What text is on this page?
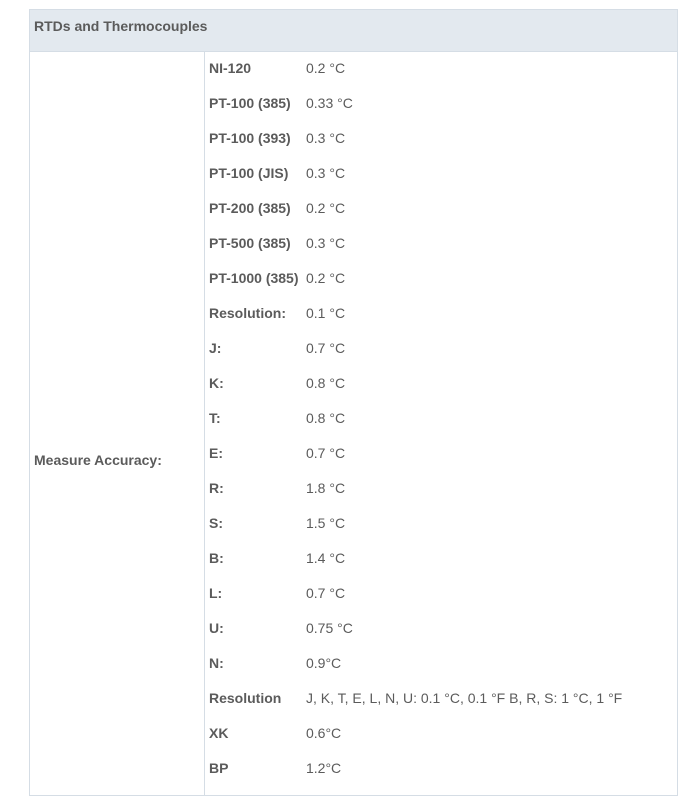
RTDs and Thermocouples
Measure Accuracy:
NI-120	0.2 °C
PT-100 (385) 0.33 °C
PT-100 (393) 0.3 °C
PT-100 (JIS) 0.3 °C
PT-200 (385) 0.2 °C
PT-500 (385) 0.3 °C
PT-1000 (385) 0.2 °C
Resolution: 0.1 °C
J:	0.7 °C
K:	0.8 °C
T:	0.8 °C
E:	0.7 °C
R:	1.8 °C
S:	1.5 °C
B:	1.4 °C
L:	0.7 °C
U:	0.75 °C
N:	0.9°C
Resolution J, K, T, E, L, N, U: 0.1 °C, 0.1 °F B, R, S: 1 °C, 1 °F
XK	0.6°C
BP	1.2°C
